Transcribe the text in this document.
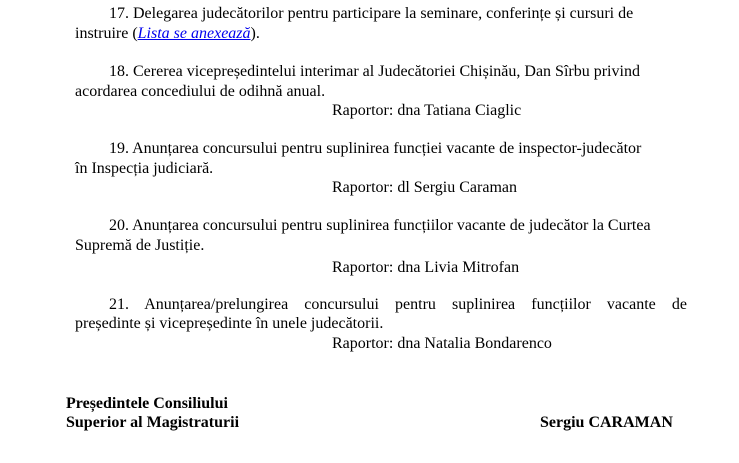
17. Delegarea judecătorilor pentru participare la seminare, conferințe și cursuri de
instruire (Lista se anexează).
18. Cererea vicepreședintelui interimar al Judecătoriei Chișinău, Dan Sîrbu privind
acordarea concediului de odihnă anual.
Raportor: dna Tatiana Ciaglic
19. Anunțarea concursului pentru suplinirea funcției vacante de inspector-judecător
în Inspecția judiciară.
Raportor: dl Sergiu Caraman
20. Anunțarea concursului pentru suplinirea funcțiilor vacante de judecător la Curtea
Supremă de Justiție.
Raportor: dna Livia Mitrofan
21. Anunțarea/prelungirea concursului pentru suplinirea funcțiilor vacante de
președinte și vicepreședinte în unele judecătorii.
Raportor: dna Natalia Bondarenco
Președintele Consiliului
Superior al Magistraturii	Sergiu CARAMAN
